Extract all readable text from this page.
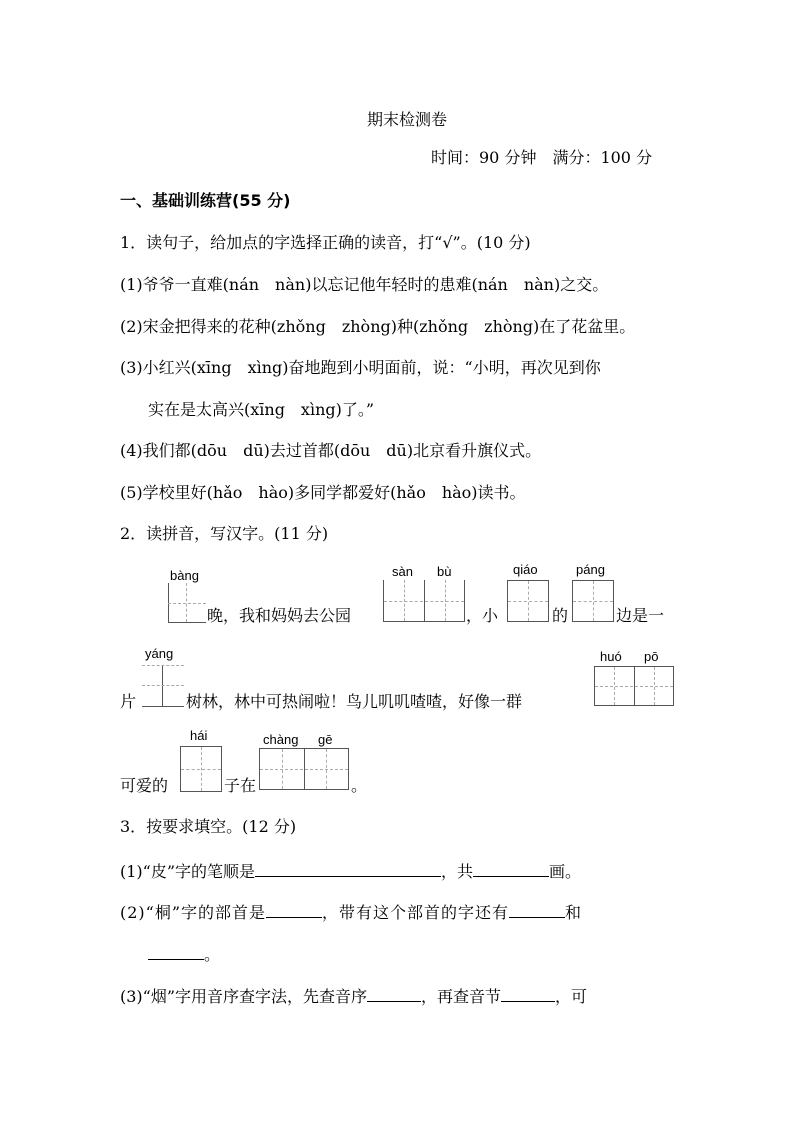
期末检测卷
时间：90 分钟　满分：100 分
一、基础训练营(55 分)
1．读句子，给加点的字选择正确的读音，打“√”。(10 分)
(1)爷爷一直难(nán　nàn)以忘记他年轻时的患难(nán　nàn)之交。
(2)宋金把得来的花种(zhǒng　zhòng)种(zhǒng　zhòng)在了花盆里。
(3)小红兴(xīng　xìng)奋地跑到小明面前，说：“小明，再次见到你
实在是太高兴(xīng　xìng)了。”
(4)我们都(dōu　dū)去过首都(dōu　dū)北京看升旗仪式。
(5)学校里好(hǎo　hào)多同学都爱好(hǎo　hào)读书。
2．读拼音，写汉字。(11 分)
bàng
晚，我和妈妈去公园
sàn bù
，小
qiáo
的
páng
边是一
yáng
片	树林，林中可热闹啦！鸟儿叽叽喳喳，好像一群
huó pō
hái
可爱的	子在
chàng gē
。
3．按要求填空。(12 分)
(1)“皮”字的笔顺是	，共	画。
(2)“桐”字的部首是	，带有这个部首的字还有	和
。
(3)“烟”字用音序查字法，先查音序	，再查音节	，可
